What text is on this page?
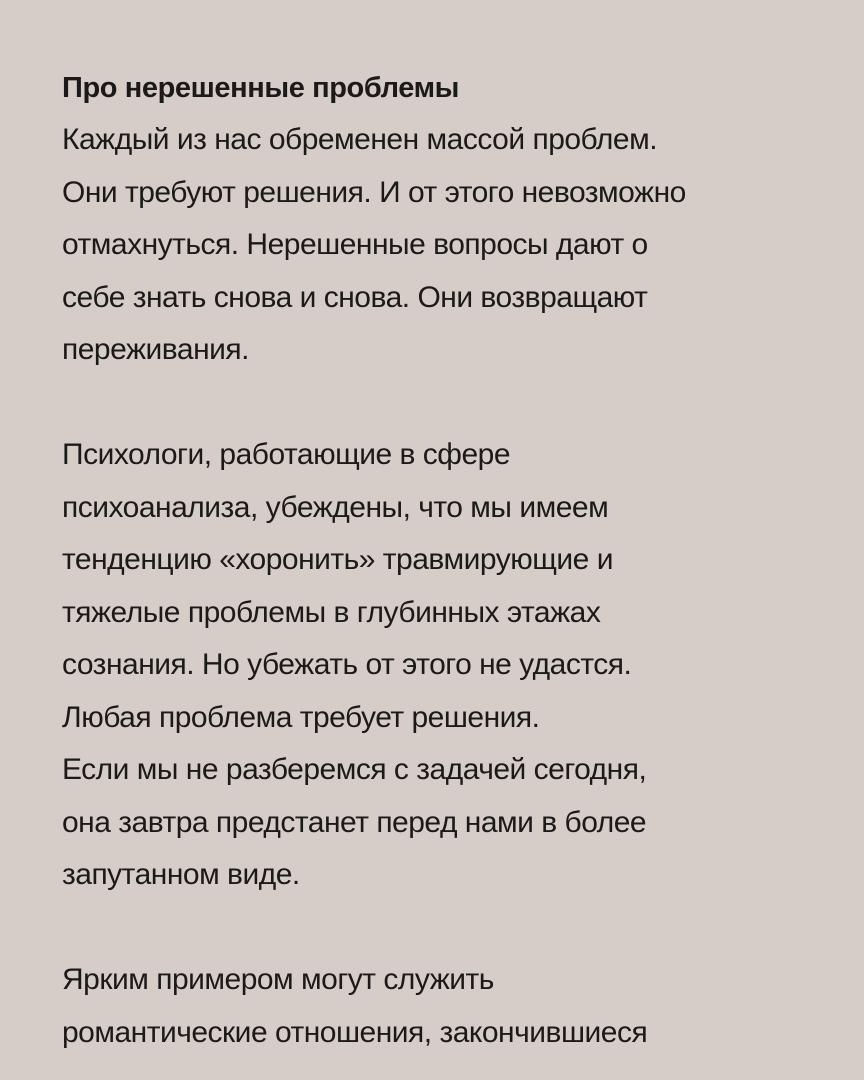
Про нерешенные проблемы

Каждый из нас обременен массой проблем.
Они требуют решения. И от этого невозможно
отмахнуться. Нерешенные вопросы дают о
себе знать снова и снова. Они возвращают
переживания.

Психологи, работающие в сфере
психоанализа, убеждены, что мы имеем
тенденцию «хоронить» травмирующие и
тяжелые проблемы в глубинных этажах
сознания. Но убежать от этого не удастся.
Любая проблема требует решения.
Если мы не разберемся с задачей сегодня,
она завтра предстанет перед нами в более
запутанном виде.

Ярким примером могут служить
романтические отношения, закончившиеся
